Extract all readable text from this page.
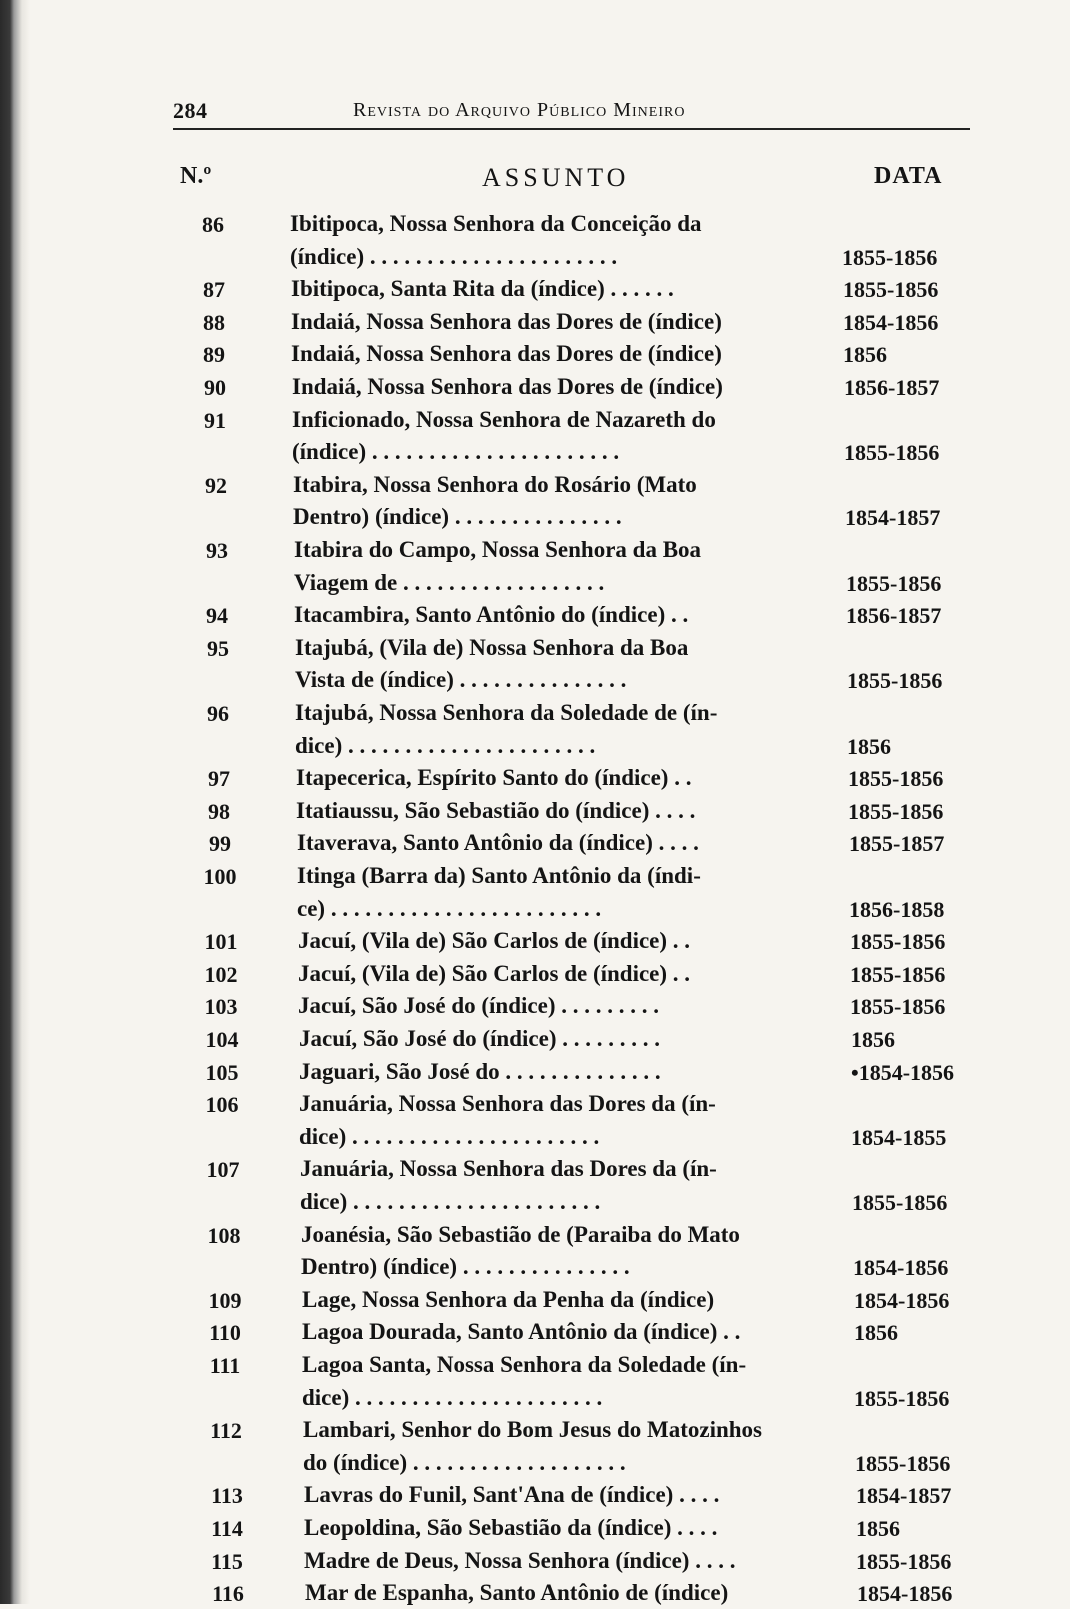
284	Revista do Arquivo Público Mineiro
N.º	ASSUNTO	DATA
86	Ibitipoca, Nossa Senhora da Conceição da
(índice) . . . . . . . . . . . . . . . . . . . . . .	1855-1856
87	Ibitipoca, Santa Rita da (índice) . . . . . .	1855-1856
88	Indaiá, Nossa Senhora das Dores de (índice)	1854-1856
89	Indaiá, Nossa Senhora das Dores de (índice)	1856
90	Indaiá, Nossa Senhora das Dores de (índice)	1856-1857
91	Inficionado, Nossa Senhora de Nazareth do
(índice) . . . . . . . . . . . . . . . . . . . . . .	1855-1856
92	Itabira, Nossa Senhora do Rosário (Mato
Dentro) (índice) . . . . . . . . . . . . . . .	1854-1857
93	Itabira do Campo, Nossa Senhora da Boa
Viagem de . . . . . . . . . . . . . . . . . .	1855-1856
94	Itacambira, Santo Antônio do (índice) . .	1856-1857
95	Itajubá, (Vila de) Nossa Senhora da Boa
Vista de (índice) . . . . . . . . . . . . . . .	1855-1856
96	Itajubá, Nossa Senhora da Soledade de (ín-
dice) . . . . . . . . . . . . . . . . . . . . . .	1856
97	Itapecerica, Espírito Santo do (índice) . .	1855-1856
98	Itatiaussu, São Sebastião do (índice) . . . .	1855-1856
99	Itaverava, Santo Antônio da (índice) . . . .	1855-1857
100	Itinga (Barra da) Santo Antônio da (índi-
ce) . . . . . . . . . . . . . . . . . . . . . . . .	1856-1858
101	Jacuí, (Vila de) São Carlos de (índice) . .	1855-1856
102	Jacuí, (Vila de) São Carlos de (índice) . .	1855-1856
103	Jacuí, São José do (índice) . . . . . . . . .	1855-1856
104	Jacuí, São José do (índice) . . . . . . . . .	1856
105	Jaguari, São José do . . . . . . . . . . . . . .	•1854-1856
106	Januária, Nossa Senhora das Dores da (ín-
dice) . . . . . . . . . . . . . . . . . . . . . .	1854-1855
107	Januária, Nossa Senhora das Dores da (ín-
dice) . . . . . . . . . . . . . . . . . . . . . .	1855-1856
108	Joanésia, São Sebastião de (Paraiba do Mato
Dentro) (índice) . . . . . . . . . . . . . . .	1854-1856
109	Lage, Nossa Senhora da Penha da (índice)	1854-1856
110	Lagoa Dourada, Santo Antônio da (índice) . .	1856
111	Lagoa Santa, Nossa Senhora da Soledade (ín-
dice) . . . . . . . . . . . . . . . . . . . . . .	1855-1856
112	Lambari, Senhor do Bom Jesus do Matozinhos
do (índice) . . . . . . . . . . . . . . . . . . .	1855-1856
113	Lavras do Funil, Sant'Ana de (índice) . . . .	1854-1857
114	Leopoldina, São Sebastião da (índice) . . . .	1856
115	Madre de Deus, Nossa Senhora (índice) . . . .	1855-1856
116	Mar de Espanha, Santo Antônio de (índice)	1854-1856
